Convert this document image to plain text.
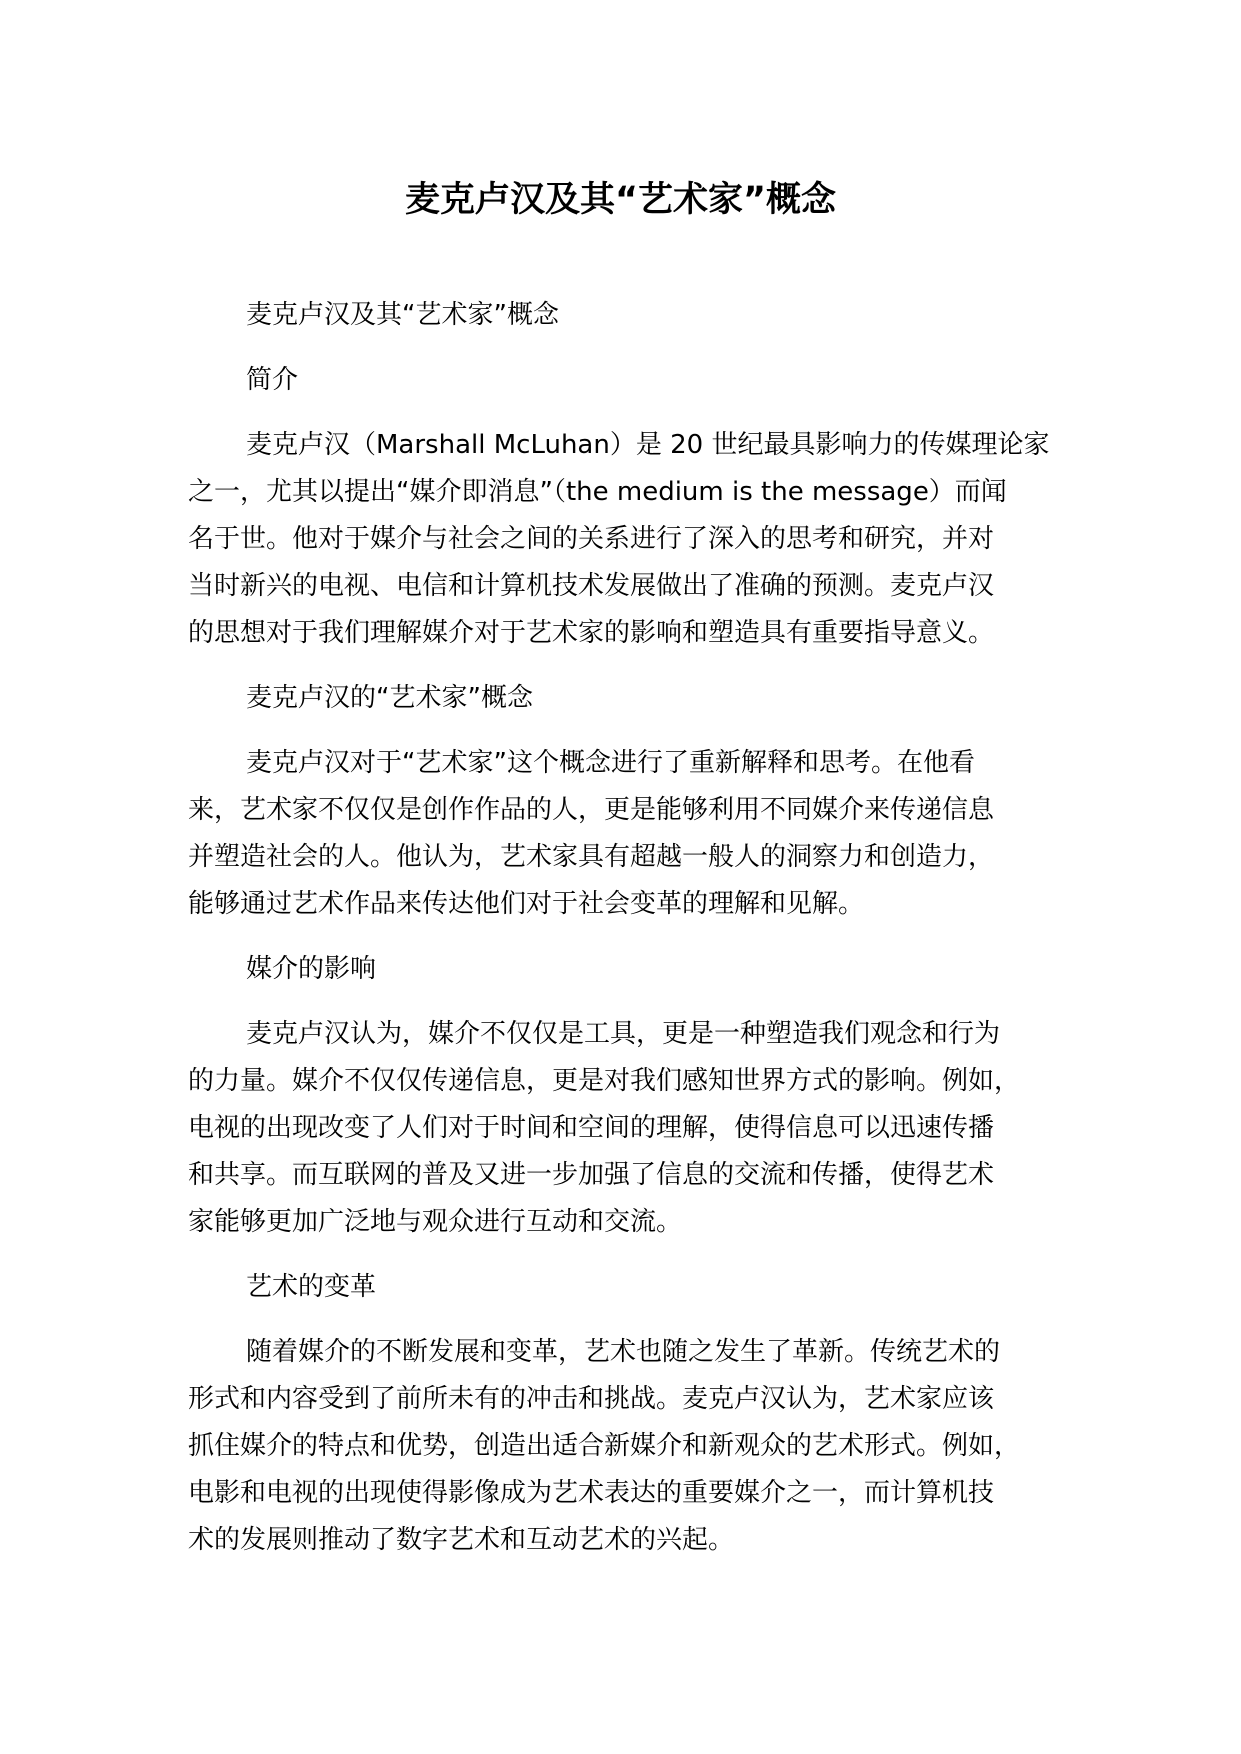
麦克卢汉及其“艺术家”概念

麦克卢汉及其“艺术家”概念

简介

麦克卢汉（Marshall McLuhan）是 20 世纪最具影响力的传媒理论家
之一，尤其以提出“媒介即消息”（the medium is the message）而闻
名于世。他对于媒介与社会之间的关系进行了深入的思考和研究，并对
当时新兴的电视、电信和计算机技术发展做出了准确的预测。麦克卢汉
的思想对于我们理解媒介对于艺术家的影响和塑造具有重要指导意义。

麦克卢汉的“艺术家”概念

麦克卢汉对于“艺术家”这个概念进行了重新解释和思考。在他看
来，艺术家不仅仅是创作作品的人，更是能够利用不同媒介来传递信息
并塑造社会的人。他认为，艺术家具有超越一般人的洞察力和创造力，
能够通过艺术作品来传达他们对于社会变革的理解和见解。

媒介的影响

麦克卢汉认为，媒介不仅仅是工具，更是一种塑造我们观念和行为
的力量。媒介不仅仅传递信息，更是对我们感知世界方式的影响。例如，
电视的出现改变了人们对于时间和空间的理解，使得信息可以迅速传播
和共享。而互联网的普及又进一步加强了信息的交流和传播，使得艺术
家能够更加广泛地与观众进行互动和交流。

艺术的变革

随着媒介的不断发展和变革，艺术也随之发生了革新。传统艺术的
形式和内容受到了前所未有的冲击和挑战。麦克卢汉认为，艺术家应该
抓住媒介的特点和优势，创造出适合新媒介和新观众的艺术形式。例如，
电影和电视的出现使得影像成为艺术表达的重要媒介之一，而计算机技
术的发展则推动了数字艺术和互动艺术的兴起。
